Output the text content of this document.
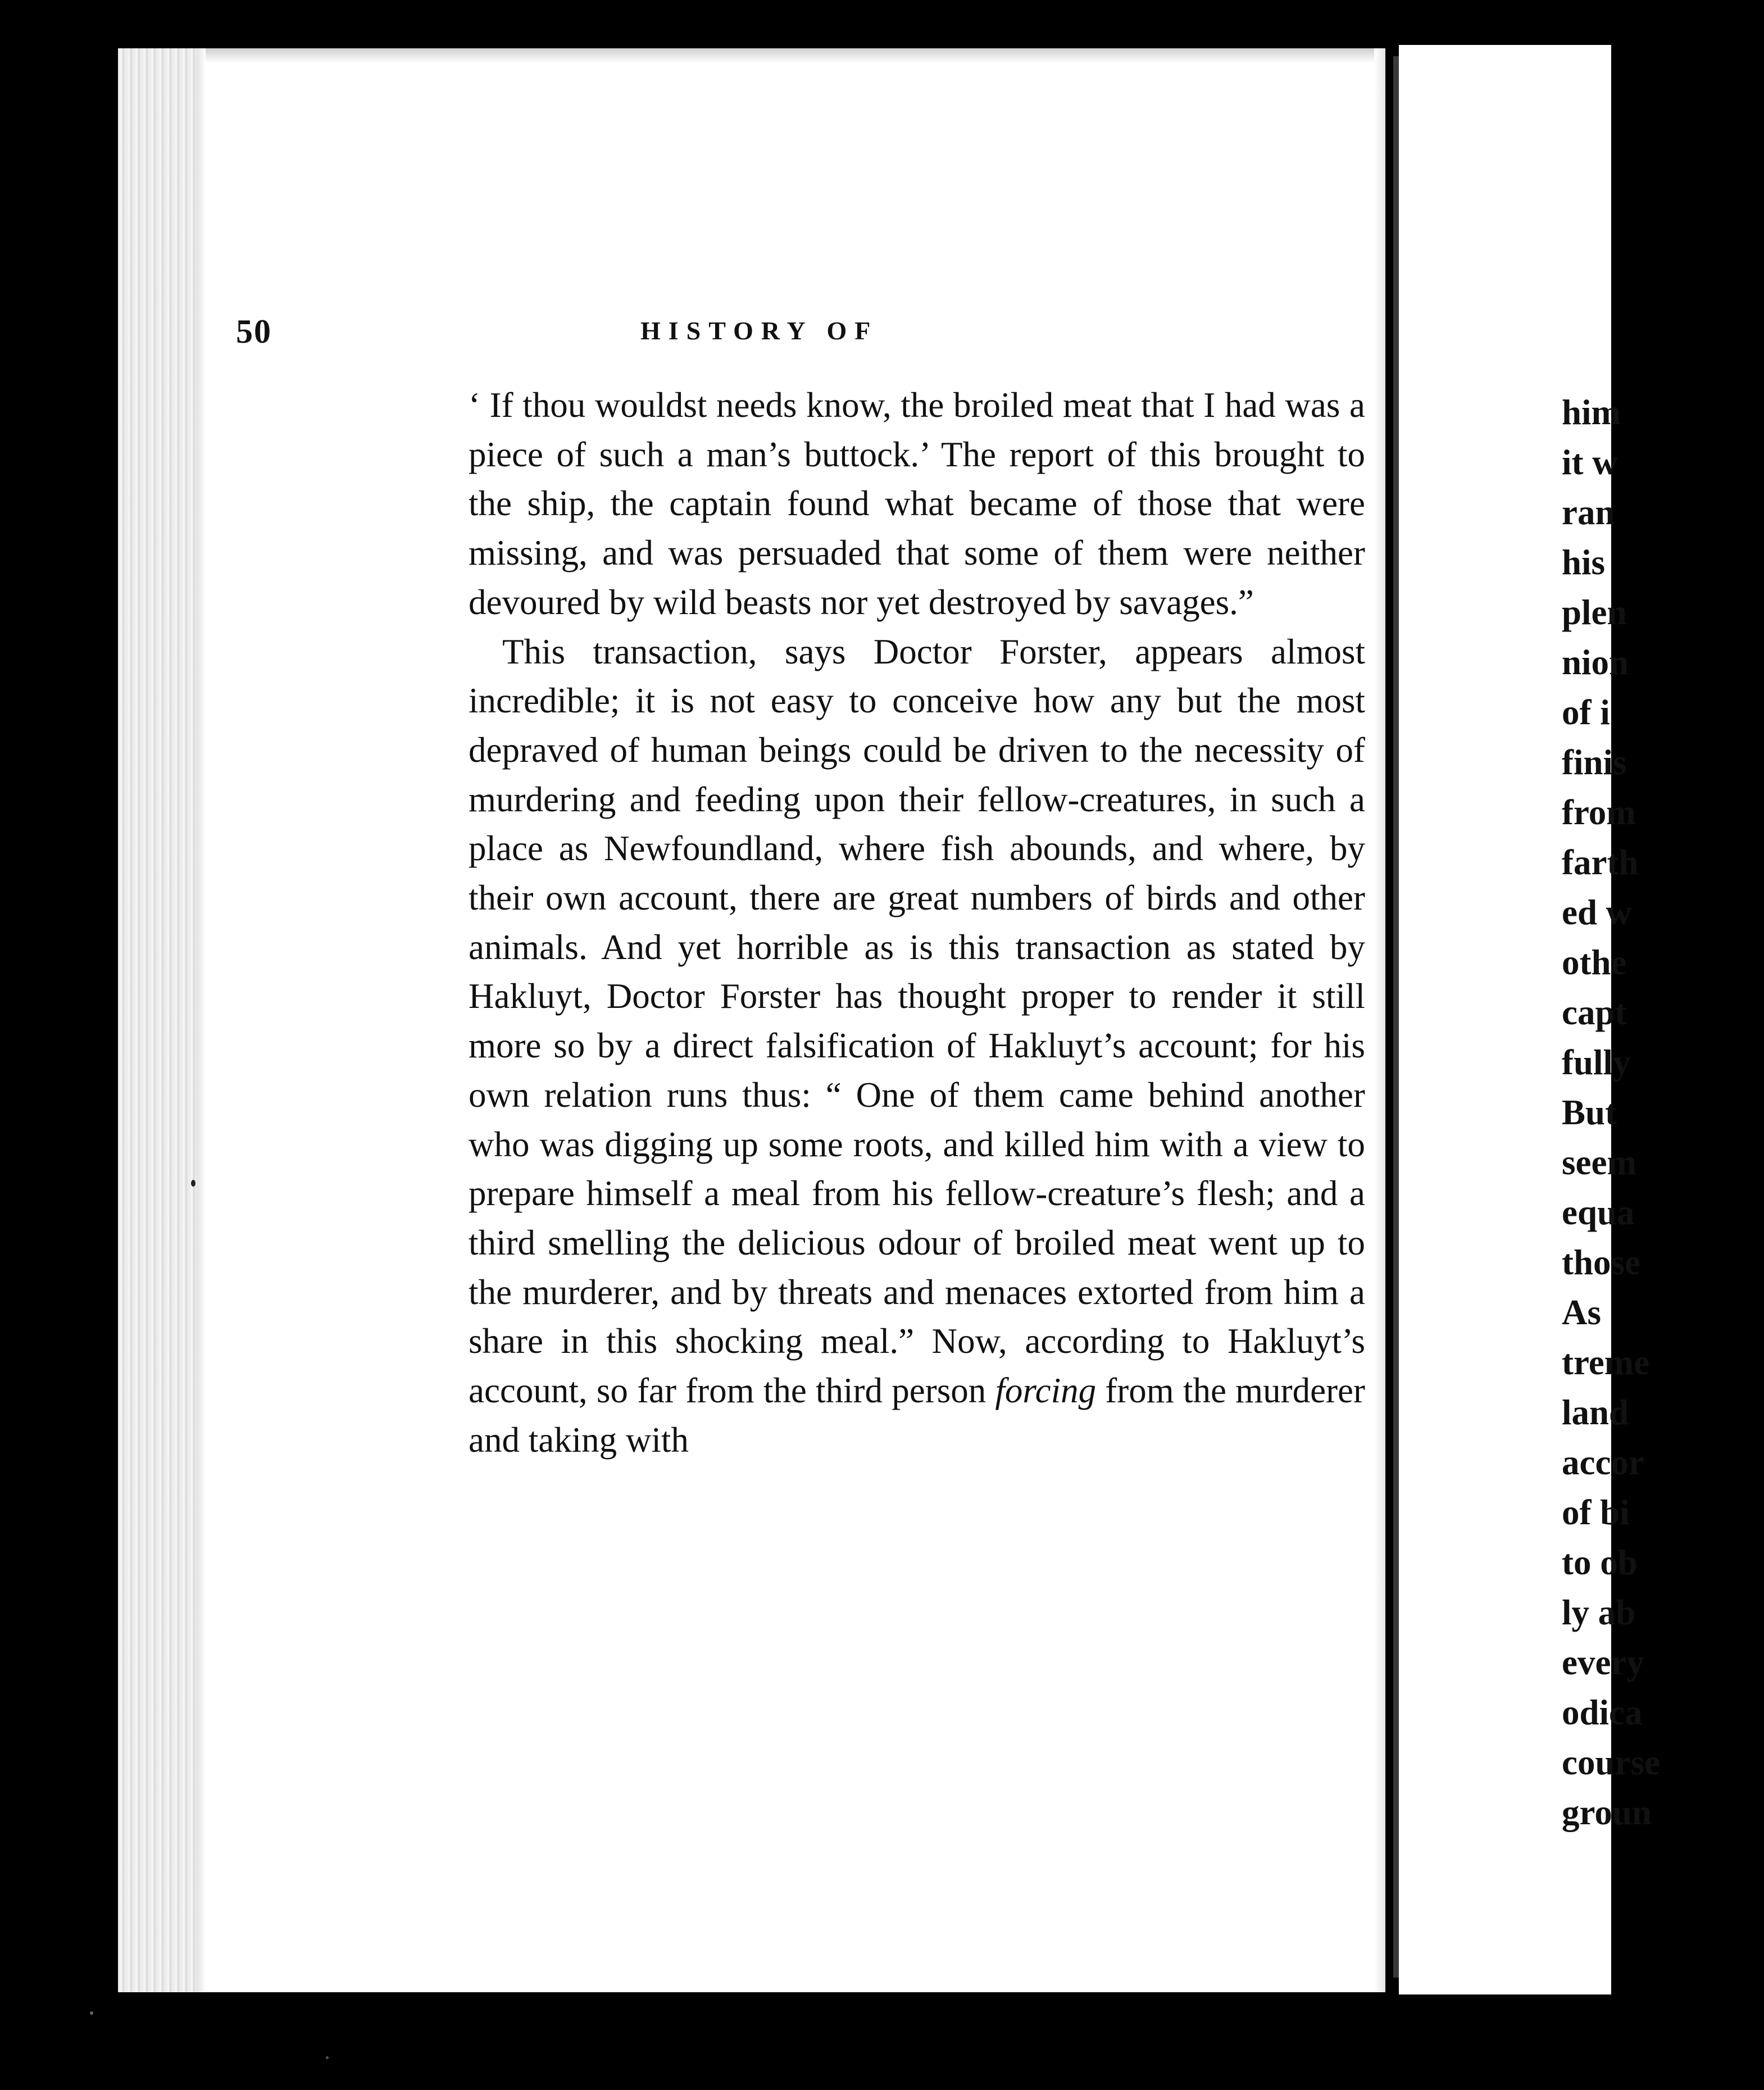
50	HISTORY OF

‘ If thou wouldst needs know, the broiled meat that I had was a piece of such a man’s buttock.’ The report of this brought to the ship, the captain found what became of those that were missing, and was persuaded that some of them were neither devoured by wild beasts nor yet destroyed by savages.”

This transaction, says Doctor Forster, appears almost incredible; it is not easy to conceive how any but the most depraved of human beings could be driven to the necessity of murdering and feeding upon their fellow-creatures, in such a place as Newfoundland, where fish abounds, and where, by their own account, there are great numbers of birds and other animals. And yet horrible as is this transaction as stated by Hakluyt, Doctor Forster has thought proper to render it still more so by a direct falsification of Hakluyt’s account; for his own relation runs thus: “ One of them came behind another who was digging up some roots, and killed him with a view to prepare himself a meal from his fellow-creature’s flesh; and a third smelling the delicious odour of broiled meat went up to the murderer, and by threats and menaces extorted from him a share in this shocking meal.” Now, according to Hakluyt’s account, so far from the third person forcing from the murderer and taking with

him
it w
ran
his
plen
nion
of i
finis
from
farth
ed w
othe
capt
fully
But
seem
equa
those
As
treme
land
accor
of bi
to ob
ly ab
every
odica
course
groun
